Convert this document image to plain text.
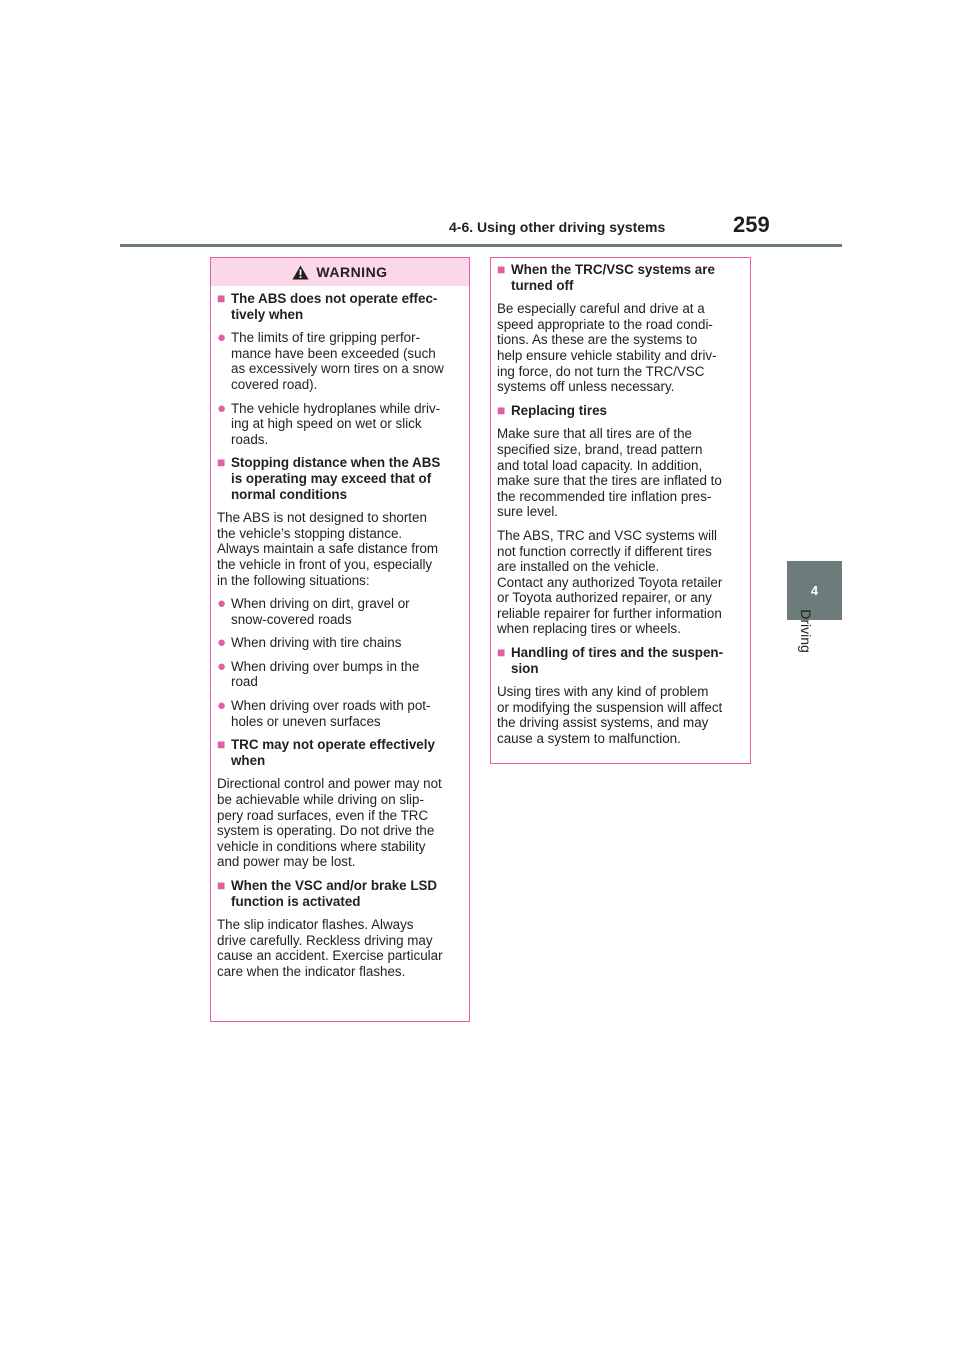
4-6. Using other driving systems	259
4
Driving
WARNING
■ The ABS does not operate effec-
tively when
● The limits of tire gripping perfor-
mance have been exceeded (such
as excessively worn tires on a snow
covered road).
● The vehicle hydroplanes while driv-
ing at high speed on wet or slick
roads.
■ Stopping distance when the ABS
is operating may exceed that of
normal conditions
The ABS is not designed to shorten
the vehicle’s stopping distance.
Always maintain a safe distance from
the vehicle in front of you, especially
in the following situations:
● When driving on dirt, gravel or
snow-covered roads
● When driving with tire chains
● When driving over bumps in the
road
● When driving over roads with pot-
holes or uneven surfaces
■ TRC may not operate effectively
when
Directional control and power may not
be achievable while driving on slip-
pery road surfaces, even if the TRC
system is operating. Do not drive the
vehicle in conditions where stability
and power may be lost.
■ When the VSC and/or brake LSD
function is activated
The slip indicator flashes. Always
drive carefully. Reckless driving may
cause an accident. Exercise particular
care when the indicator flashes.
■ When the TRC/VSC systems are
turned off
Be especially careful and drive at a
speed appropriate to the road condi-
tions. As these are the systems to
help ensure vehicle stability and driv-
ing force, do not turn the TRC/VSC
systems off unless necessary.
■ Replacing tires
Make sure that all tires are of the
specified size, brand, tread pattern
and total load capacity. In addition,
make sure that the tires are inflated to
the recommended tire inflation pres-
sure level.
The ABS, TRC and VSC systems will
not function correctly if different tires
are installed on the vehicle.
Contact any authorized Toyota retailer
or Toyota authorized repairer, or any
reliable repairer for further information
when replacing tires or wheels.
■ Handling of tires and the suspen-
sion
Using tires with any kind of problem
or modifying the suspension will affect
the driving assist systems, and may
cause a system to malfunction.
